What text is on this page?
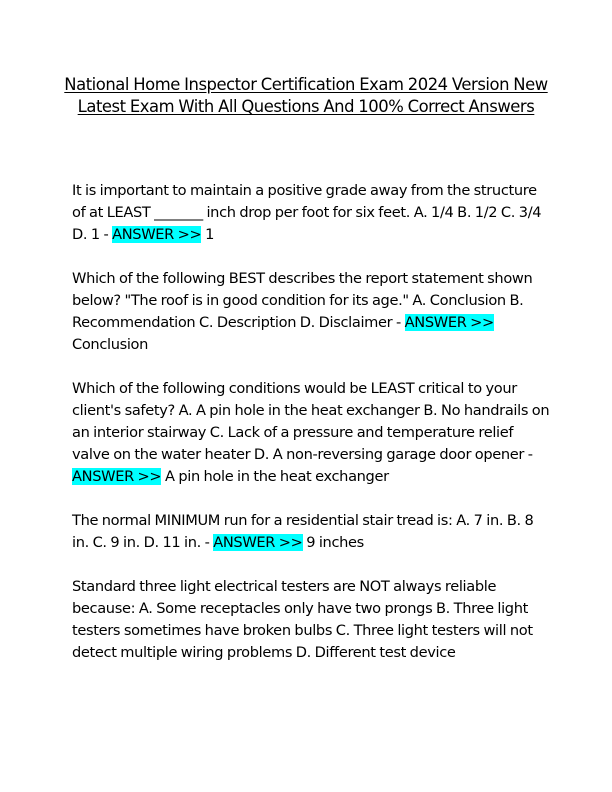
National Home Inspector Certification Exam 2024 Version New Latest Exam With All Questions And 100% Correct Answers

It is important to maintain a positive grade away from the structure of at LEAST _______ inch drop per foot for six feet. A. 1/4 B. 1/2 C. 3/4 D. 1 - ANSWER >> 1

Which of the following BEST describes the report statement shown below? "The roof is in good condition for its age." A. Conclusion B. Recommendation C. Description D. Disclaimer - ANSWER >> Conclusion

Which of the following conditions would be LEAST critical to your client's safety? A. A pin hole in the heat exchanger B. No handrails on an interior stairway C. Lack of a pressure and temperature relief valve on the water heater D. A non-reversing garage door opener - ANSWER >> A pin hole in the heat exchanger

The normal MINIMUM run for a residential stair tread is: A. 7 in. B. 8 in. C. 9 in. D. 11 in. - ANSWER >> 9 inches

Standard three light electrical testers are NOT always reliable because: A. Some receptacles only have two prongs B. Three light testers sometimes have broken bulbs C. Three light testers will not detect multiple wiring problems D. Different test device
